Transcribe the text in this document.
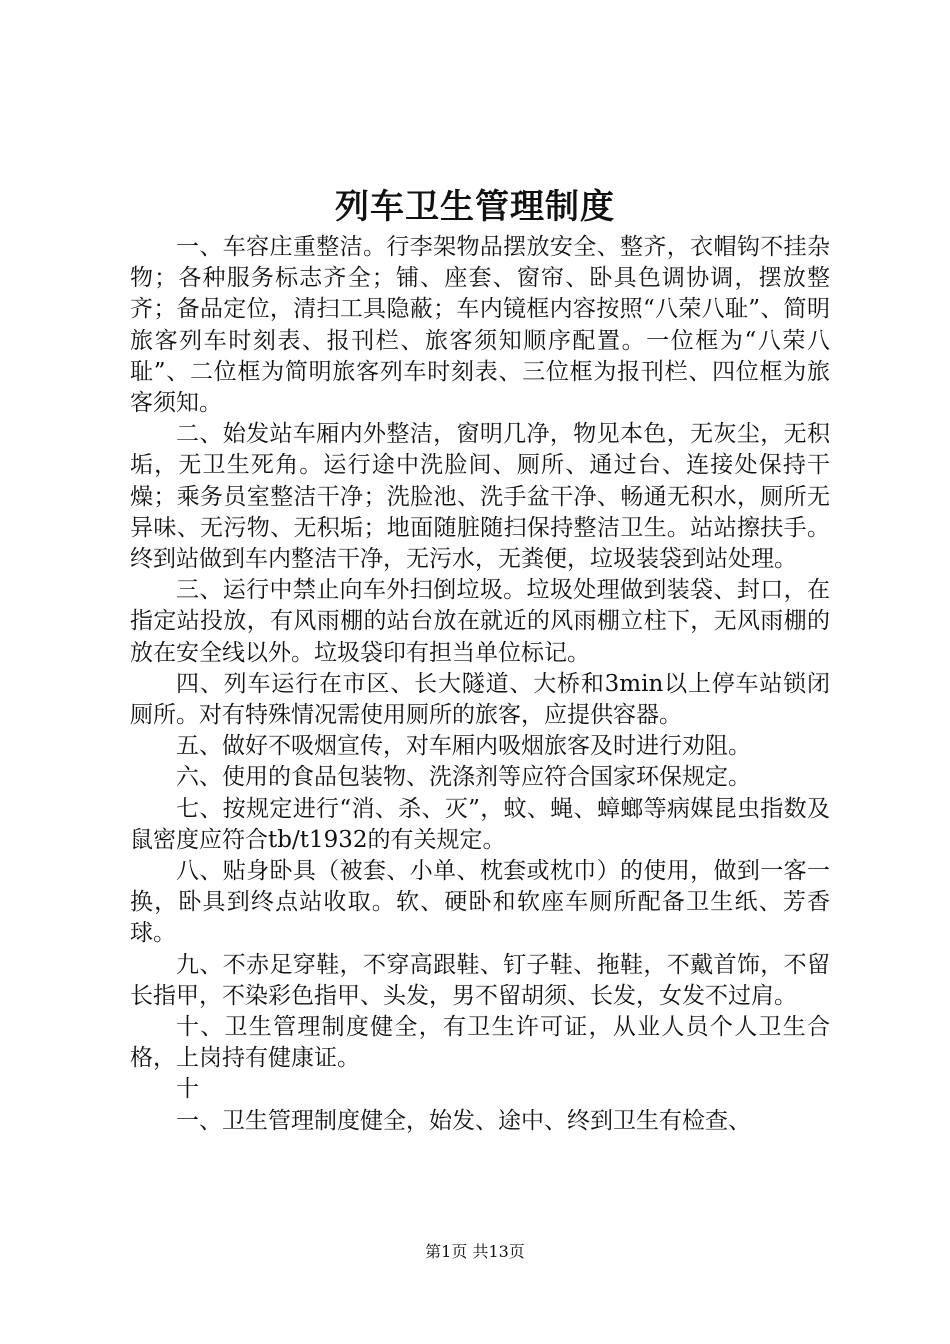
列车卫生管理制度

一、车容庄重整洁。行李架物品摆放安全、整齐，衣帽钩不挂杂物；各种服务标志齐全；铺、座套、窗帘、卧具色调协调，摆放整齐；备品定位，清扫工具隐蔽；车内镜框内容按照“八荣八耻”、简明旅客列车时刻表、报刊栏、旅客须知顺序配置。一位框为“八荣八耻”、二位框为简明旅客列车时刻表、三位框为报刊栏、四位框为旅客须知。

二、始发站车厢内外整洁，窗明几净，物见本色，无灰尘，无积垢，无卫生死角。运行途中洗脸间、厕所、通过台、连接处保持干燥；乘务员室整洁干净；洗脸池、洗手盆干净、畅通无积水，厕所无异味、无污物、无积垢；地面随脏随扫保持整洁卫生。站站擦扶手。终到站做到车内整洁干净，无污水，无粪便，垃圾装袋到站处理。

三、运行中禁止向车外扫倒垃圾。垃圾处理做到装袋、封口，在指定站投放，有风雨棚的站台放在就近的风雨棚立柱下，无风雨棚的放在安全线以外。垃圾袋印有担当单位标记。

四、列车运行在市区、长大隧道、大桥和3min以上停车站锁闭厕所。对有特殊情况需使用厕所的旅客，应提供容器。

五、做好不吸烟宣传，对车厢内吸烟旅客及时进行劝阻。

六、使用的食品包装物、洗涤剂等应符合国家环保规定。

七、按规定进行“消、杀、灭”，蚊、蝇、蟑螂等病媒昆虫指数及鼠密度应符合tb/t1932的有关规定。

八、贴身卧具（被套、小单、枕套或枕巾）的使用，做到一客一换，卧具到终点站收取。软、硬卧和软座车厕所配备卫生纸、芳香球。

九、不赤足穿鞋，不穿高跟鞋、钉子鞋、拖鞋，不戴首饰，不留长指甲，不染彩色指甲、头发，男不留胡须、长发，女发不过肩。

十、卫生管理制度健全，有卫生许可证，从业人员个人卫生合格，上岗持有健康证。

十

一、卫生管理制度健全，始发、途中、终到卫生有检查、

第1页 共13页
